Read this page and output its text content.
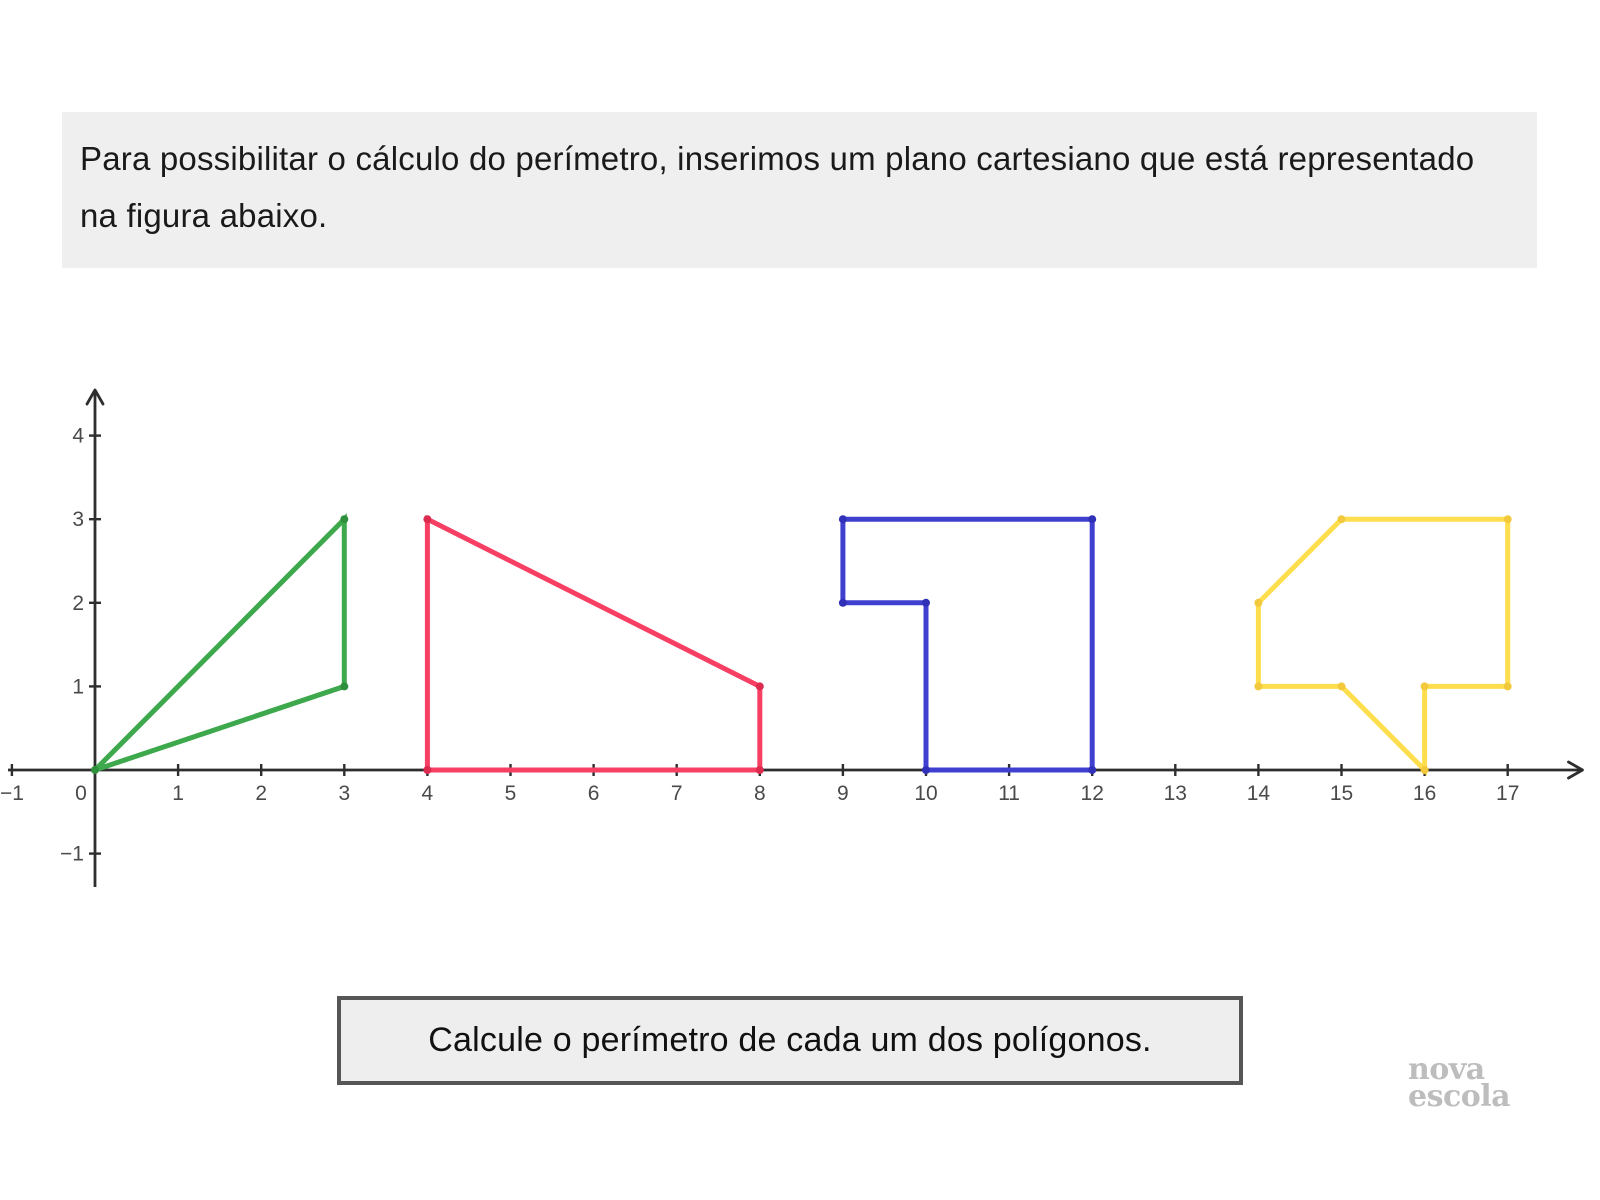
Para possibilitar o cálculo do perímetro, inserimos um plano cartesiano que está representado na figura abaixo.

−1 0	1	2	3	4	5	6	7	8	9	10	11	12	13	14	15	16	17
−1
1
2
3
4

Calcule o perímetro de cada um dos polígonos.

nova
escola
